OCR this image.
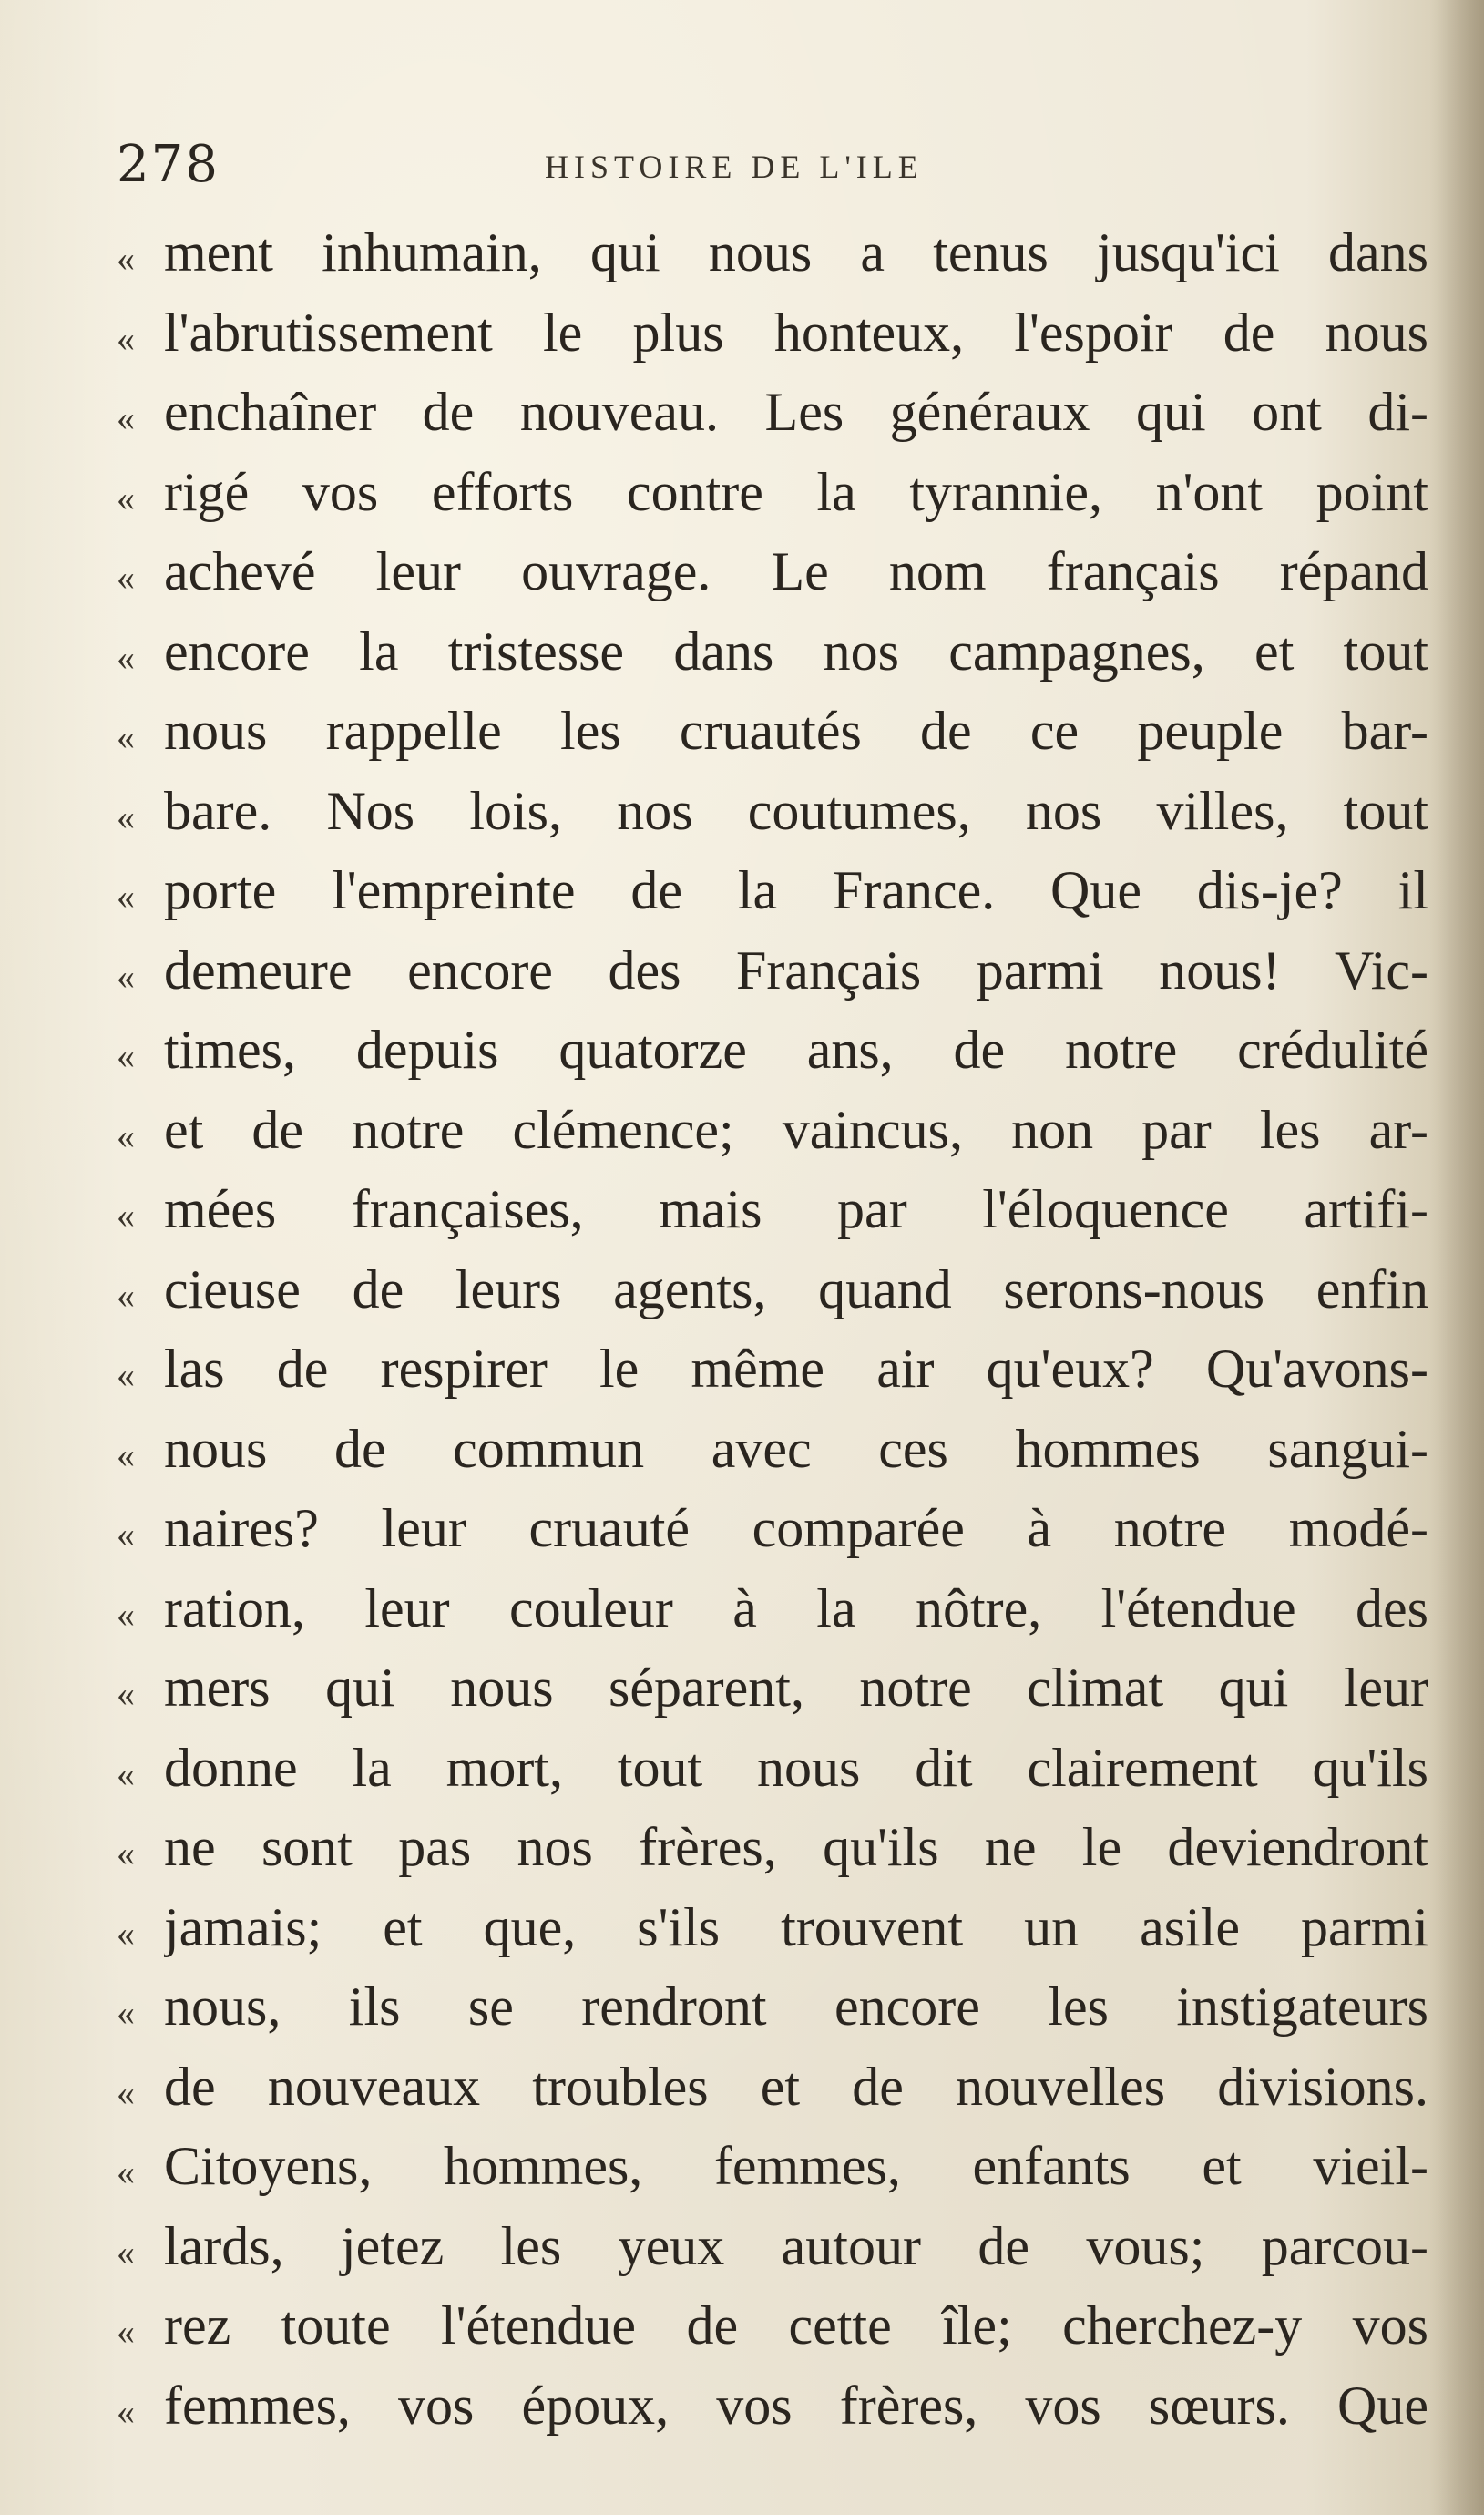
278	HISTOIRE DE L'ILE
« ment inhumain, qui nous a tenus jusqu'ici dans
« l'abrutissement le plus honteux, l'espoir de nous
« enchaîner de nouveau. Les généraux qui ont di-
« rigé vos efforts contre la tyrannie, n'ont point
« achevé leur ouvrage. Le nom français répand
« encore la tristesse dans nos campagnes, et tout
« nous rappelle les cruautés de ce peuple bar-
« bare. Nos lois, nos coutumes, nos villes, tout
« porte l'empreinte de la France. Que dis-je? il
« demeure encore des Français parmi nous! Vic-
« times, depuis quatorze ans, de notre crédulité
« et de notre clémence; vaincus, non par les ar-
« mées françaises, mais par l'éloquence artifi-
« cieuse de leurs agents, quand serons-nous enfin
« las de respirer le même air qu'eux? Qu'avons-
« nous de commun avec ces hommes sangui-
« naires? leur cruauté comparée à notre modé-
« ration, leur couleur à la nôtre, l'étendue des
« mers qui nous séparent, notre climat qui leur
« donne la mort, tout nous dit clairement qu'ils
« ne sont pas nos frères, qu'ils ne le deviendront
« jamais; et que, s'ils trouvent un asile parmi
« nous, ils se rendront encore les instigateurs
« de nouveaux troubles et de nouvelles divisions.
« Citoyens, hommes, femmes, enfants et vieil-
« lards, jetez les yeux autour de vous; parcou-
« rez toute l'étendue de cette île; cherchez-y vos
« femmes, vos époux, vos frères, vos sœurs. Que
